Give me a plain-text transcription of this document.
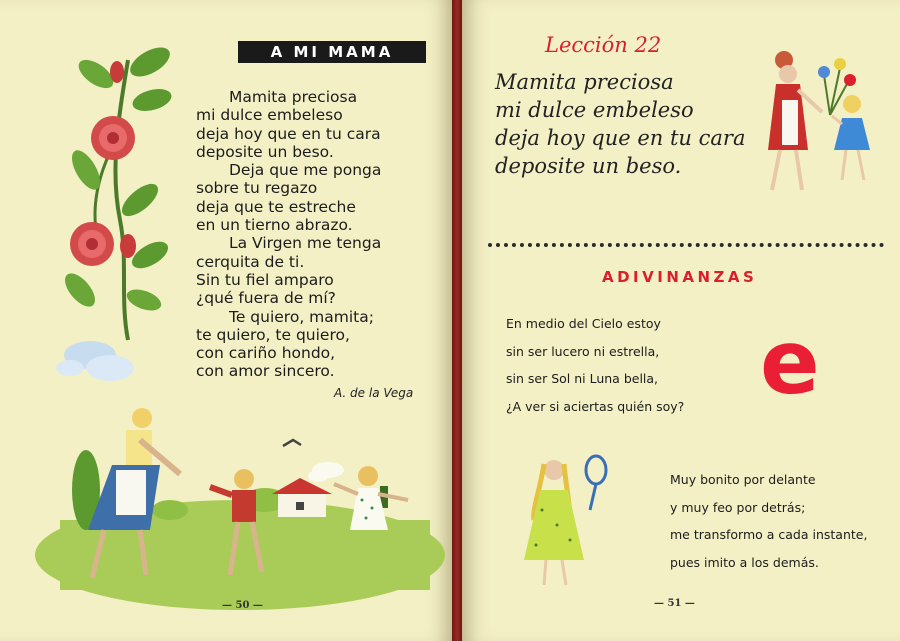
A MI MAMA
Mamita preciosa
mi dulce embeleso
deja hoy que en tu cara
deposite un beso.
Deja que me ponga
sobre tu regazo
deja que te estreche
en un tierno abrazo.
La Virgen me tenga
cerquita de ti.
Sin tu fiel amparo
¿qué fuera de mí?
Te quiero, mamita;
te quiero, te quiero,
con cariño hondo,
con amor sincero.
A. de la Vega
— 50 —	— 51 —
Lección 22
Mamita preciosa
mi dulce embeleso
deja hoy que en tu cara
deposite un beso.
ADIVINANZAS
En medio del Cielo estoy
sin ser lucero ni estrella,
sin ser Sol ni Luna bella,
¿A ver si aciertas quién soy? e
Muy bonito por delante
y muy feo por detrás;
me transformo a cada instante,
pues imito a los demás.
